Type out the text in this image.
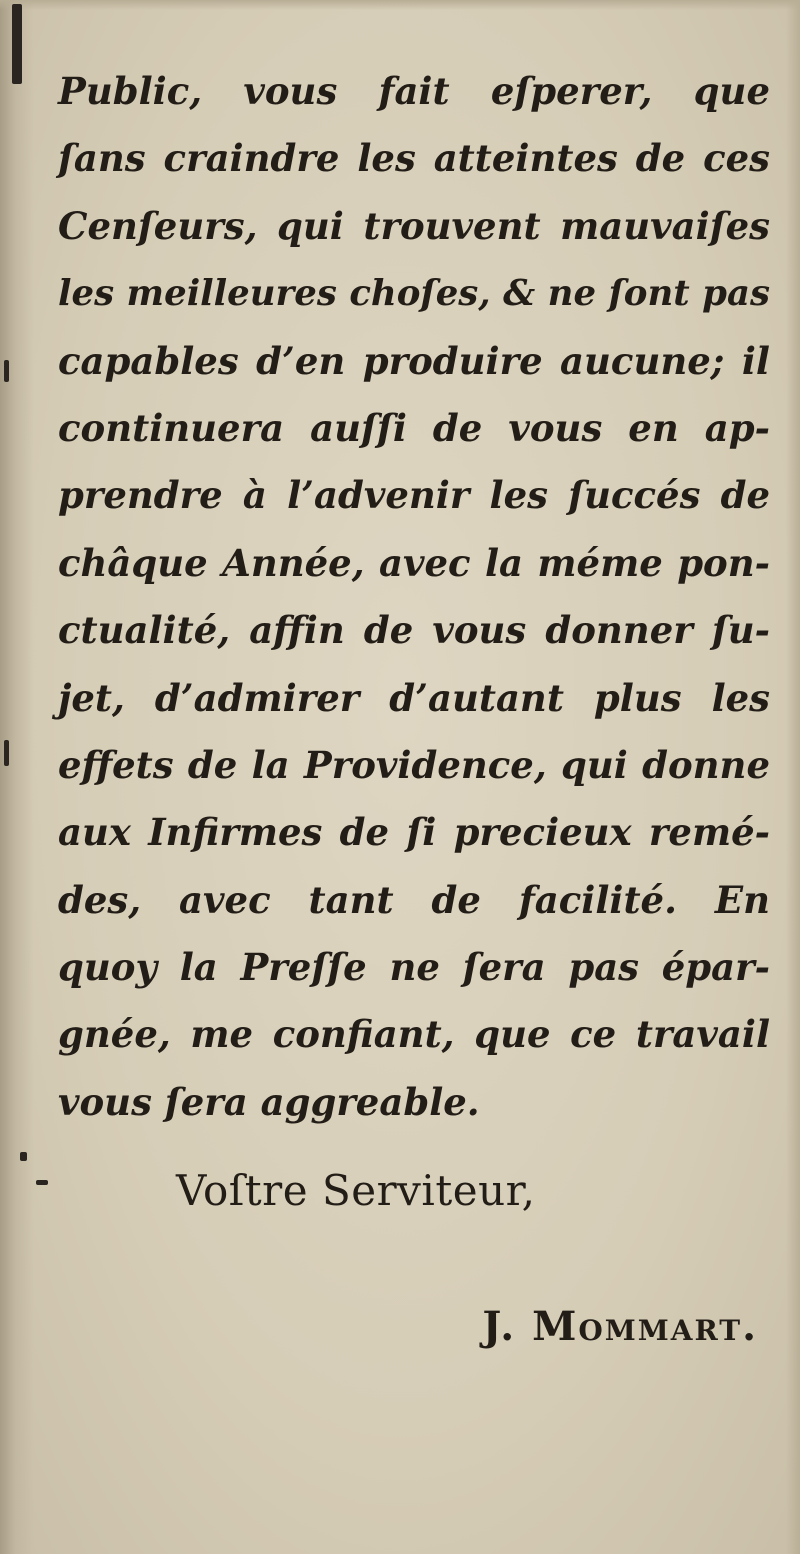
Public, vous fait eſperer, que
ſans craindre les atteintes de ces
Cenſeurs, qui trouvent mauvaiſes
les meilleures choſes, & ne ſont pas
capables d’en produire aucune; il
continuera auſſi de vous en ap-
prendre à l’advenir les ſuccés de
châque Année, avec la méme pon-
ctualité, affin de vous donner ſu-
jet, d’admirer d’autant plus les
effets de la Providence, qui donne
aux Infirmes de ſi precieux remé-
des, avec tant de facilité. En
quoy la Preſſe ne ſera pas épar-
gnée, me confiant, que ce travail
vous ſera aggreable.
Voſtre Serviteur,
J. Mommart.
